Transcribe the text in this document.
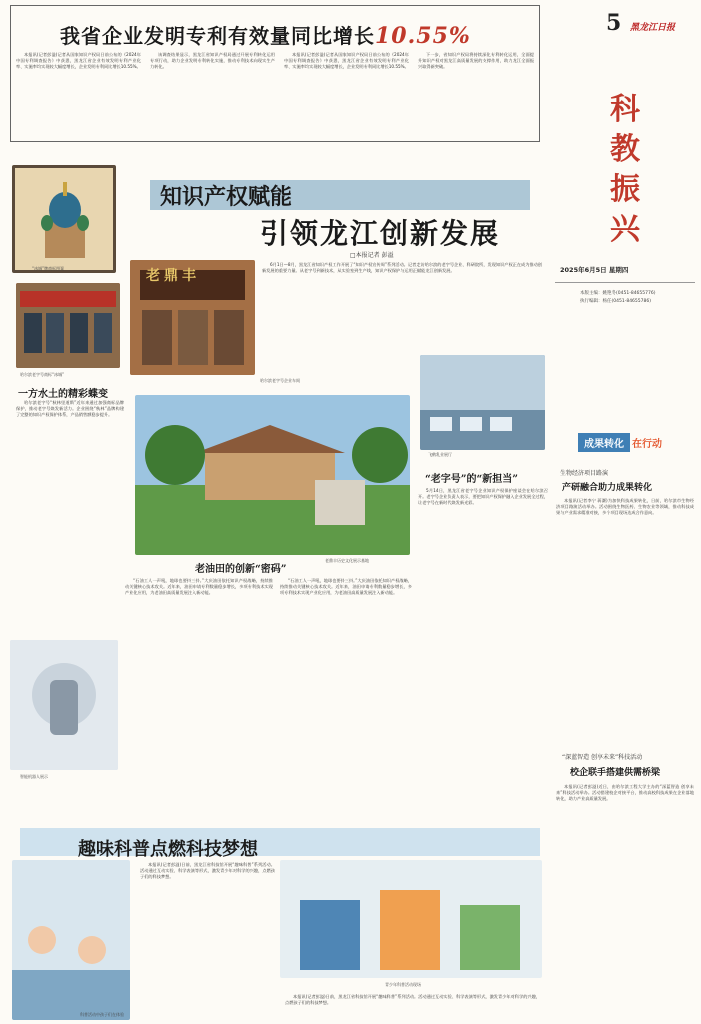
我省企业发明专利有效量同比增长10.55%

本报讯(记者彭溢)记者从国家知识产权局日前公布的《2024年中国专利调查报告》中获悉，黑龙江省企业有效发明专利产业化率、实施率均实现较大幅度增长，企业发明专利同比增长10.55%。

该调查结果显示，黑龙江省知识产权局通过开展专利转化运用专项行动，助力企业发明专利转化实施，推动专利技术向现实生产力转化。

本报讯(记者彭溢)记者从国家知识产权局日前公布的《2024年中国专利调查报告》中获悉，黑龙江省企业有效发明专利产业化率、实施率均实现较大幅度增长，企业发明专利同比增长10.55%。

下一步，省知识产权局将持续深化专利转化运用，全面提升知识产权对黑龙江高质量发展的支撑作用，助力龙江全面振兴取得新突破。

5 黑龙江日报
科教振兴
2025年6月5日 星期四
本版主编：姚艳冬(0451-84655776)
执行编辑：杨任(0451-84655786)
知识产权赋能
引领龙江创新发展
“冰城”牌商标图案
哈尔滨老字号商标“冰城”
老鼎丰
□本报记者 彭溢

6月1日—8月，黑龙江省知识产权工作开展了“知识产权宣传周”系列活动。记者走访哈尔滨的老字号企业、科研院所，发现知识产权正在成为推动创新发展的重要力量。从老字号到新技术，从实验室到生产线，知识产权保护与运用正赋能龙江创新发展。

哈尔滨老字号企业车间
飞鹤乳业展厅
成果转化 在行动
一方水土的精彩蝶变

哈尔滨老字号“秋林里道斯”近年来通过加强商标品牌保护，推动老字号焕发新活力。企业围绕“秋林”品牌构建了完整的知识产权保护体系，产品销售额稳步提升。

老鼎丰历史文化展示基地
老油田的创新“密码”

“石油工人一声吼，地球也要抖三抖。”大庆油田依托知识产权战略，持续推动关键核心技术攻关。近年来，油田申请专利数量稳步增长，多项专利技术实现产业化应用，为老油田高质量发展注入新动能。

“石油工人一声吼，地球也要抖三抖。”大庆油田依托知识产权战略，持续推动关键核心技术攻关。近年来，油田申请专利数量稳步增长，多项专利技术实现产业化应用，为老油田高质量发展注入新动能。

智能机器人展示
“老字号”的“新担当”

5月14日，黑龙江省老字号企业知识产权保护座谈会在哈尔滨召开。老字号企业负责人表示，要把知识产权保护融入企业发展全过程，让老字号在新时代焕发新光彩。

生物经济项目路演
产研融合助力成果转化

本报讯(记者李宁 蒋灏)为加快科技成果转化，日前，哈尔滨市生物经济项目路演活动举办。活动围绕生物医药、生物农业等领域，推动科技成果与产业需求精准对接，多个项目现场达成合作意向。

“深蓝智造 创享未来”科技活动
校企联手搭建供需桥梁

本报讯(记者彭溢)近日，由哈尔滨工程大学主办的“深蓝智造 创享未来”科技活动举办。活动搭建校企对接平台，推动高校科技成果在企业落地转化，助力产业高质量发展。

趣味科普点燃科技梦想
科普活动中孩子们在体验

本报讯(记者彭溢)日前，黑龙江省科技馆开展“趣味科普”系列活动。活动通过互动实验、科学表演等形式，激发青少年对科学的兴趣，点燃孩子们的科技梦想。

青少年科普活动现场

本报讯(记者彭溢)日前，黑龙江省科技馆开展“趣味科普”系列活动。活动通过互动实验、科学表演等形式，激发青少年对科学的兴趣，点燃孩子们的科技梦想。
